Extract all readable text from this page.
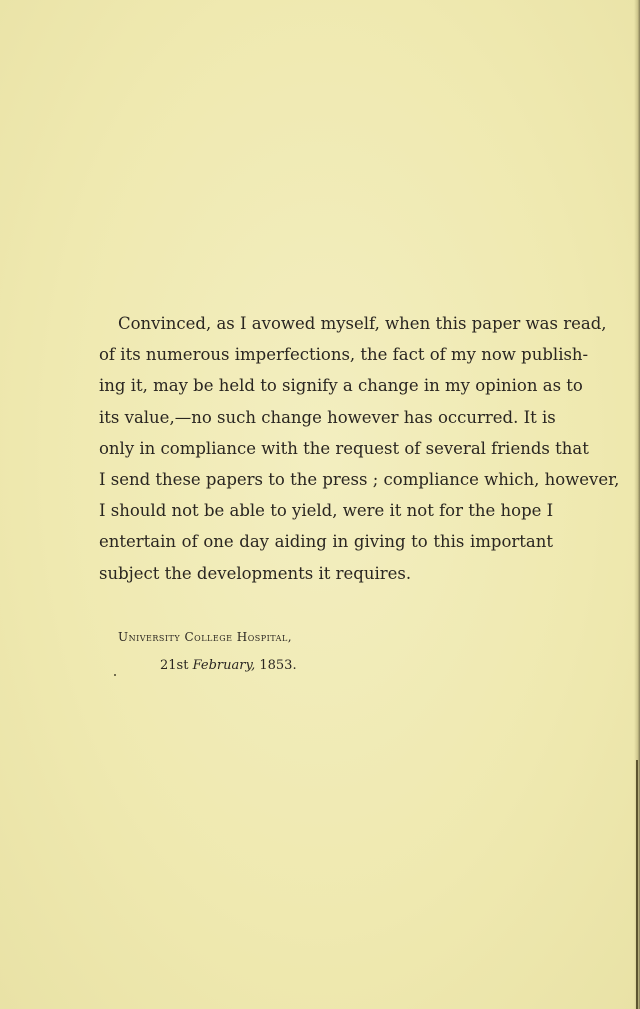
Convinced, as I avowed myself, when this paper was read,
of its numerous imperfections, the fact of my now publish-
ing it, may be held to signify a change in my opinion as to
its value,—no such change however has occurred. It is
only in compliance with the request of several friends that
I send these papers to the press ; compliance which, however,
I should not be able to yield, were it not for the hope I
entertain of one day aiding in giving to this important
subject the developments it requires.
University College Hospital,
21st February, 1853.
